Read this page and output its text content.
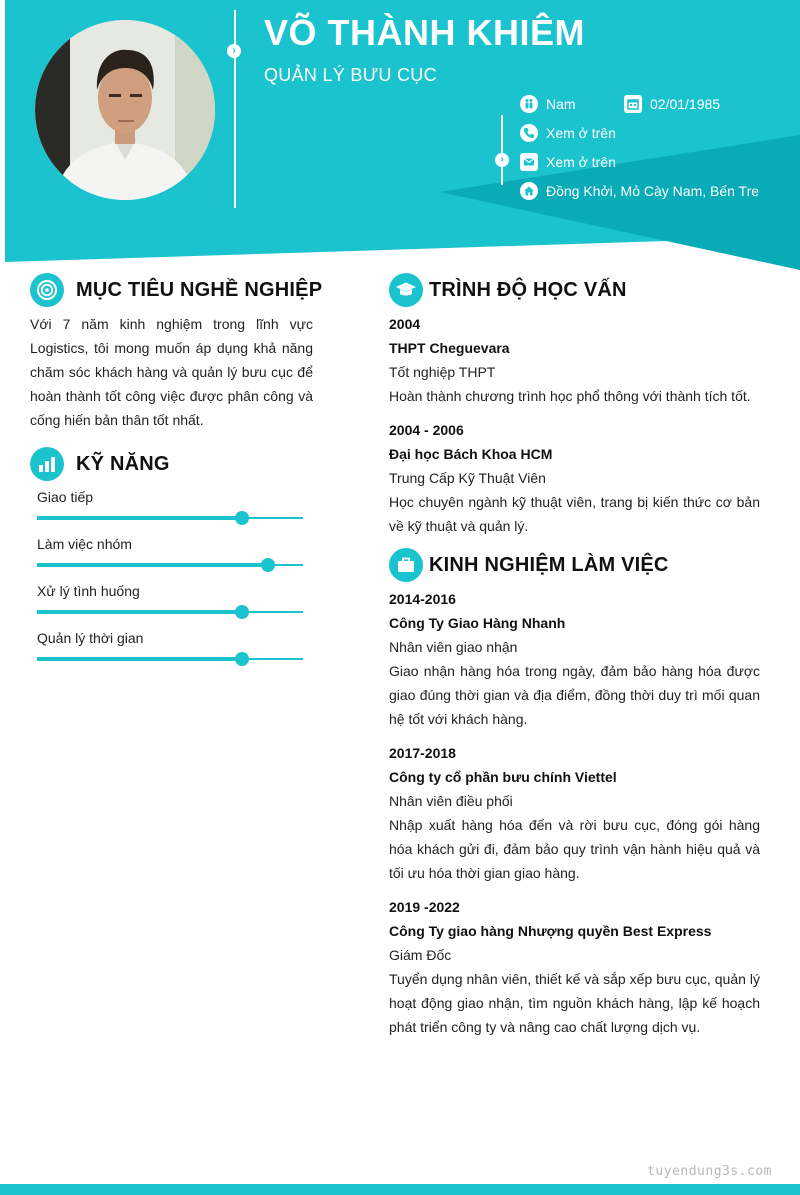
› VÕ THÀNH KHIÊM
QUẢN LÝ BƯU CỤC
›
Nam	02/01/1985
Xem ở trên
Xem ở trên
Đồng Khởi, Mỏ Cày Nam, Bến Tre
MỤC TIÊU NGHỀ NGHIỆP
Với 7 năm kinh nghiệm trong lĩnh vực Logistics, tôi mong muốn áp dụng khả năng chăm sóc khách hàng và quản lý bưu cục để hoàn thành tốt công việc được phân công và cống hiến bản thân tốt nhất.
KỸ NĂNG
Giao tiếp
Làm việc nhóm
Xử lý tình huống
Quản lý thời gian
TRÌNH ĐỘ HỌC VẤN
2004
THPT Cheguevara
Tốt nghiệp THPT
Hoàn thành chương trình học phổ thông với thành tích tốt.
2004 - 2006
Đại học Bách Khoa HCM
Trung Cấp Kỹ Thuật Viên
Học chuyên ngành kỹ thuật viên, trang bị kiến thức cơ bản về kỹ thuật và quản lý.
KINH NGHIỆM LÀM VIỆC
2014-2016
Công Ty Giao Hàng Nhanh
Nhân viên giao nhận
Giao nhận hàng hóa trong ngày, đảm bảo hàng hóa được giao đúng thời gian và địa điểm, đồng thời duy trì mối quan hệ tốt với khách hàng.
2017-2018
Công ty cổ phần bưu chính Viettel
Nhân viên điều phối
Nhập xuất hàng hóa đến và rời bưu cục, đóng gói hàng hóa khách gửi đi, đảm bảo quy trình vận hành hiệu quả và tối ưu hóa thời gian giao hàng.
2019 -2022
Công Ty giao hàng Nhượng quyền Best Express
Giám Đốc
Tuyển dụng nhân viên, thiết kế và sắp xếp bưu cục, quản lý hoạt động giao nhận, tìm nguồn khách hàng, lập kế hoạch phát triển công ty và nâng cao chất lượng dịch vụ.
tuyendung3s.com
